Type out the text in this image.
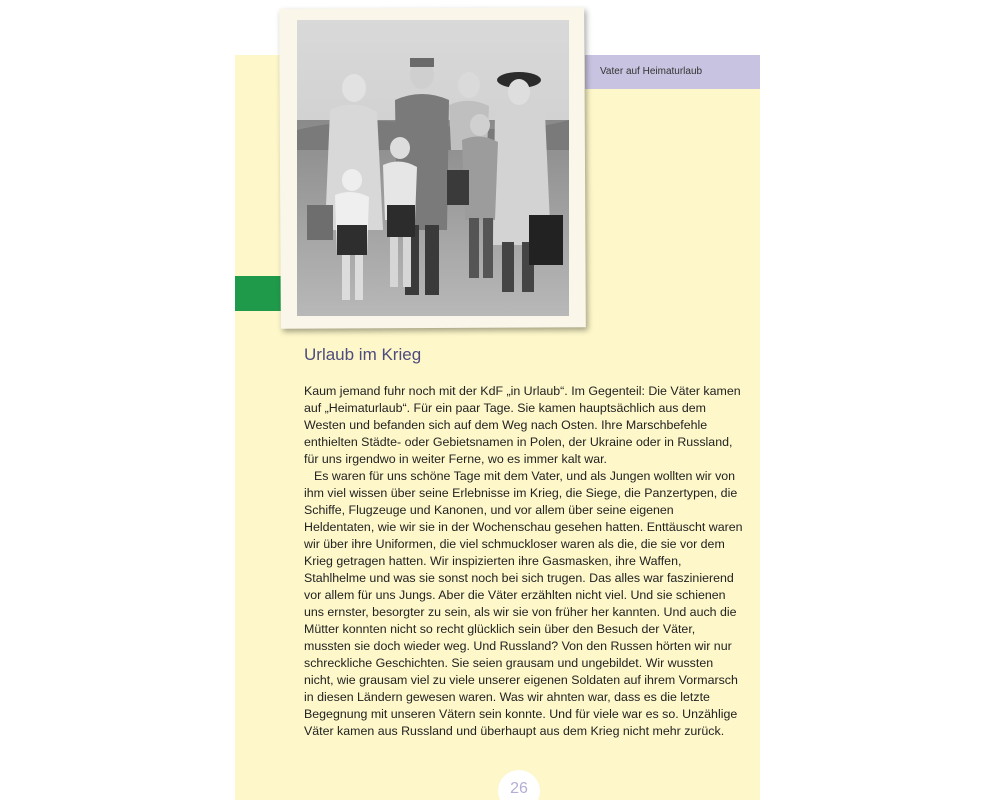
Vater auf Heimaturlaub
Urlaub im Krieg

Kaum jemand fuhr noch mit der KdF „in Urlaub“. Im Gegenteil: Die Väter kamen auf „Heimaturlaub“. Für ein paar Tage. Sie kamen hauptsächlich aus dem Westen und befanden sich auf dem Weg nach Osten. Ihre Marschbefehle enthielten Städte- oder Gebietsnamen in Polen, der Ukraine oder in Russland, für uns irgendwo in weiter Ferne, wo es immer kalt war.

Es waren für uns schöne Tage mit dem Vater, und als Jungen wollten wir von ihm viel wissen über seine Erlebnisse im Krieg, die Siege, die Panzertypen, die Schiffe, Flugzeuge und Kanonen, und vor allem über seine eigenen Heldentaten, wie wir sie in der Wochenschau gesehen hatten. Enttäuscht waren wir über ihre Uniformen, die viel schmuckloser waren als die, die sie vor dem Krieg getragen hatten. Wir inspizierten ihre Gasmasken, ihre Waffen, Stahlhelme und was sie sonst noch bei sich trugen. Das alles war faszinierend vor allem für uns Jungs. Aber die Väter erzählten nicht viel. Und sie schienen uns ernster, besorgter zu sein, als wir sie von früher her kannten. Und auch die Mütter konnten nicht so recht glücklich sein über den Besuch der Väter, mussten sie doch wieder weg. Und Russland? Von den Russen hörten wir nur schreckliche Geschichten. Sie seien grausam und ungebildet. Wir wussten nicht, wie grausam viel zu viele unserer eigenen Soldaten auf ihrem Vormarsch in diesen Ländern gewesen waren. Was wir ahnten war, dass es die letzte Begegnung mit unseren Vätern sein konnte. Und für viele war es so. Unzählige Väter kamen aus Russland und überhaupt aus dem Krieg nicht mehr zurück.

26
